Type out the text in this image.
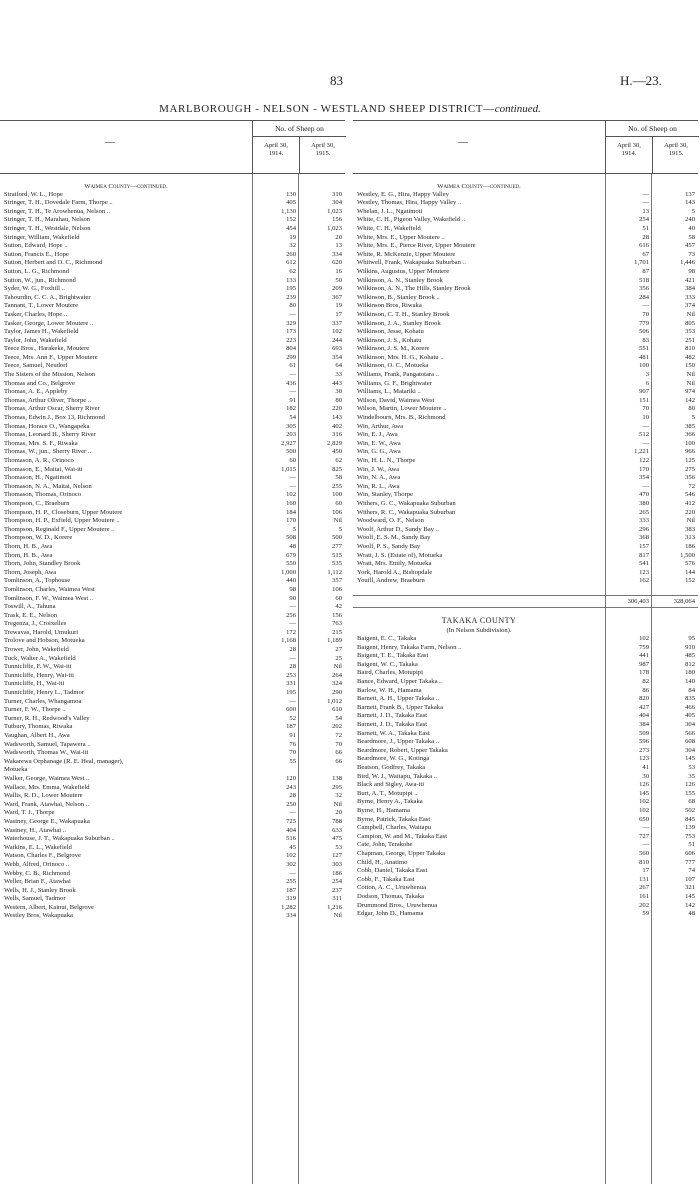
83	H.—23.
MARLBOROUGH - NELSON - WESTLAND SHEEP DISTRICT—continued.
—
No. of Sheep on
April 30,
1914.
April 30,
1915.
Waimea County—continued.
Stratford, W. L., Hope	130	310
Stringer, T. H., Dovedale Farm, Thorpe ..	405	304
Stringer, T. H., Te Arowhenua, Nelson ..	1,130	1,023
Stringer, T. H., Marahau, Nelson	152	156
Stringer, T. H., Westdale, Nelson	454	1,023
Stringer, William, Wakefield	19	20
Sutton, Edward, Hope ..	32	13
Sutton, Francis E., Hope	260	334
Sutton, Herbert and O. C., Richmond	612	620
Sutton, L. G., Richmond	62	16
Sutton, W., jun., Richmond	133	50
Syder, W. G., Foxhill ..	195	209
Tahourdin, C. C. A., Brightwater	239	367
Tannant, T., Lower Moutere	80	19
Tasker, Charles, Hope ..	—	17
Tasker, George, Lower Moutere ..	329	337
Taylor, James H., Wakefield	173	102
Taylor, John, Wakefield	223	244
Teece Bros., Harakeke, Moutere	804	693
Teece, Mrs. Ann F., Upper Moutere	299	354
Teece, Samuel, Neudorf	61	64
The Sisters of the Mission, Nelson	—	33
Thomas and Co., Belgrove	436	443
Thomas, A. E., Appleby	—	30
Thomas, Arthur Oliver, Thorpe ..	91	80
Thomas, Arthur Oscar, Sherry River	182	220
Thomas, Edwin J., Box 13, Richmond	54	143
Thomas, Horace O., Wangapeka	305	402
Thomas, Leonard H., Sherry River	203	316
Thomas, Mrs. S. F., Riwaka	2,927	2,829
Thomas, W., jun., Sherry River ..	500	450
Thomason, A. R., Orinoco	60	62
Thomason, E., Maitai, Wai-iti	1,015	825
Thomason, H., Ngatimoti	—	58
Thomason, N. A., Maitai, Nelson	—	255
Thomason, Thomas, Orinoco	102	100
Thompson, C., Braeburn	160	60
Thompson, H. P., Closeburn, Upper Moutere	184	106
Thompson, H. P., Exfield, Upper Moutere ..	170	Nil
Thompson, Reginald F., Upper Moutere ..	5	5
Thompson, W. D., Korere	508	500
Thorn, H. B., Awa	48	277
Thorn, H. B., Awa	679	515
Thorn, John, Standley Brook	550	535
Thorn, Joseph, Awa	1,000	1,112
Tomlinson, A., Tophouse	440	357
Tomlinson, Charles, Waimea West	98	106
Tomlinson, F. W., Waimea West ..	90	60
Toswill, A., Tahuna	—	42
Trask, E. E., Nelson	256	156
Tregenza, J., Croixelles	—	763
Trewavas, Harold, Umukuri	172	215
Trolove and Hobson, Motueka	1,168	1,189
Trower, John, Wakefield	28	27
Tuck, Walter A., Wakefield	—	25
Tunnicliffe, F. W., Wai-iti	28	Nil
Tunnicliffe, Henry, Wai-iti	253	264
Tunnicliffe, H., Wai-iti	331	324
Tunnicliffe, Henry L., Tadmor	195	290
Turner, Charles, Whangamoa	—	1,012
Turner, F. W., Thorpe ..	600	610
Turner, R. H., Redwood's Valley	52	54
Tutbury, Thomas, Riwaka	187	202
Vaughan, Albert H., Awa	91	72
Wadsworth, Samuel, Tapawera ..	76	70
Wadsworth, Thomas W., Wai-iti	70	66
Wakarewa Orphanage (R. E. Heal, manager),	55	66
Motueka
Walker, George, Waimea West ..	120	138
Wallace, Mrs. Emma, Wakefield	243	295
Wallis, R. D., Lower Moutere	28	32
Ward, Frank, Atawhai, Nelson ..	250	Nil
Ward, T. J., Thorpe	—	20
Wastney, George E., Wakapuaka	725	788
Wastney, H., Atawhai ..	404	633
Waterhouse, J. T., Wakapuaka Suburban ..	516	475
Watkins, E. L., Wakefield	45	53
Watson, Charles F., Belgrove	102	127
Webb, Alfred, Orinoco ..	302	303
Webby, C. B., Richmond	—	186
Weller, Brian F., Atawhai	255	254
Wells, H. J., Stanley Brook	187	237
Wells, Samuel, Tadmor	319	311
Western, Albert, Kainui, Belgrove	1,282	1,216
Westley Bros, Wakapuaka	334	Nil
—
No. of Sheep on
April 30,
1914.
April 30,
1915.
Waimea County—continued.
Westley, E. G., Hira, Happy Valley	—	137
Westley, Thomas, Hira, Happy Valley ..	—	143
Whelan, J. L., Ngatimoti	13	5
White, C. H., Pigeon Valley, Wakefield ..	254	240
White, C. H., Wakefield	51	40
White, Mrs. E., Upper Moutere ..	28	58
White, Mrs. E., Pierce River, Upper Moutere	616	457
White, R. McKenzie, Upper Moutere	67	73
Whitwell, Frank, Wakapuaka Suburban ..	1,701	1,446
Wilkins, Augustus, Upper Moutere	87	98
Wilkinson, A. N., Stanley Brook	518	421
Wilkinson, A. N., The Hills, Stanley Brook	356	384
Wilkinson, B., Stanley Brook ..	284	333
Wilkinson Bros, Riwaka	—	374
Wilkinson, C. T. H., Stanley Brook	70	Nil
Wilkinson, J. A., Stanley Brook	779	805
Wilkinson, Jesse, Kohatu	506	353
Wilkinson, J. S., Kohatu	83	251
Wilkinson, J. S. M., Korere	551	810
Wilkinson, Mrs. H. G., Kohatu ..	481	482
Wilkinson, O. C., Motueka	100	150
Williams, Frank, Pangatotara ..	3	Nil
Williams, G. F., Brightwater	6	Nil
Williams, L., Matariki ..	907	974
Wilson, David, Waimea West	151	142
Wilson, Martin, Lower Moutere ..	70	80
Windelbourn, Mrs. B., Richmond	10	5
Win, Arthur, Awa	—	385
Win, E. J., Awa	512	366
Win, E. W., Awa	—	100
Win, G. G., Awa	1,221	966
Win, H. L. N., Thorpe	122	125
Win, J. W., Awa	170	275
Win, N. A., Awa	354	356
Win, R. L., Awa	—	72
Win, Stanley, Thorpe	470	546
Withers, G. C., Wakapuaka Suburban	380	412
Withers, R. C., Wakapuaka Suburban	265	220
Woodward, O. F., Nelson	333	Nil
Woolf, Arthur D., Sandy Bay ..	296	383
Woolf, E. S. M., Sandy Bay	368	313
Woolf, P. S., Sandy Bay	157	186
Wratt, J. S. (Estate of), Motueka	817	1,500
Wratt, Mrs. Emily, Motueka	541	576
York, Harold A., Bishopdale	123	144
Youill, Andrew, Braeburn	162	152
306,403	328,064
TAKAKA COUNTY
(In Nelson Subdivision).
Baigent, E. C., Takaka	102	95
Baigent, Henry, Takaka Farm, Nelson ..	759	910
Baigent, T. E., Takaka East	441	485
Baigent, W. C., Takaka	987	812
Baird, Charles, Motupipi	178	180
Bance, Edward, Upper Takaka ..	82	140
Barlow, W. H., Hamama	86	84
Barnett, A. H., Upper Takaka ..	820	835
Barnett, Frank B., Upper Takaka	427	466
Barnett, J. D., Takaka East	404	405
Barnett, J. D., Takaka East	384	304
Barnett, W. A., Takaka East	509	566
Beardmore, J., Upper Takaka ..	596	608
Beardmore, Robert, Upper Takaka	273	304
Beardmore, W. G., Kotinga	123	145
Beatson, Godfrey, Takaka	41	53
Bird, W. J., Waitapu, Takaka ..	30	35
Black and Sigley, Awa-iti	126	126
Burt, A. T., Motupipi ..	145	155
Byrne, Henry A., Takaka	102	68
Byrne, H., Hamama	102	502
Byrne, Patrick, Takaka East	650	845
Campbell, Charles, Waitapu	—	139
Campion, W. and M., Takaka East	727	753
Cate, John, Terakohe	—	51
Chapman, George, Upper Takaka	560	606
Child, H., Anatimo	810	777
Cobb, Daniel, Takaka East	17	74
Cobb, F., Takaka East	131	107
Cotton, A. C., Uruwhenua	267	321
Dodson, Thomas, Takaka	161	145
Drummond Bros., Uruwhenua	202	142
Edgar, John D., Hamama	59	48
